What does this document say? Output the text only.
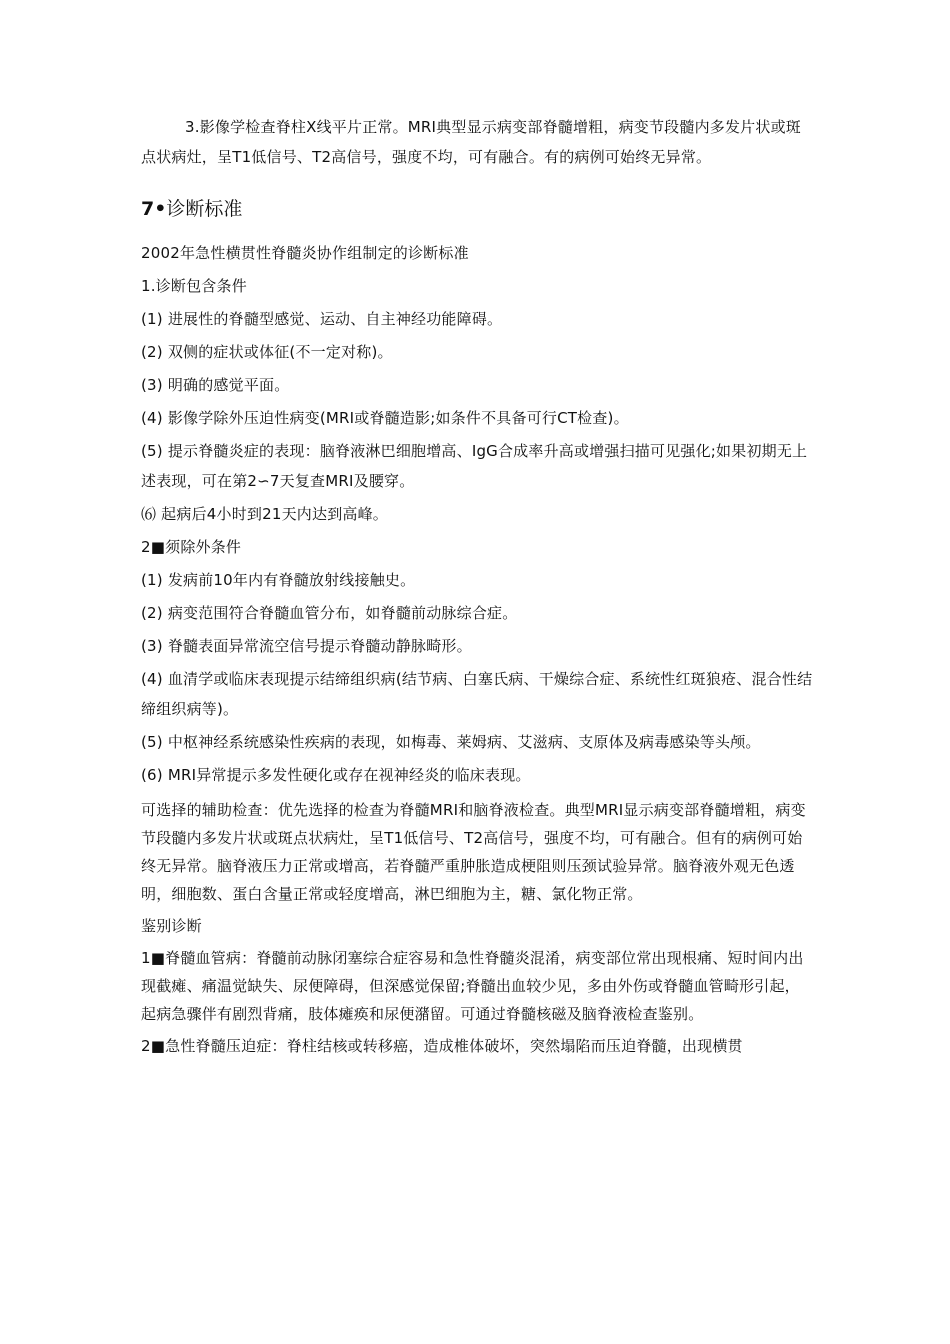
3.影像学检查脊柱X线平片正常。MRI典型显示病变部脊髓增粗，病变节段髓内多发片状或斑点状病灶，呈T1低信号、T2高信号，强度不均，可有融合。有的病例可始终无异常。

7•诊断标准

2002年急性横贯性脊髓炎协作组制定的诊断标准

1.诊断包含条件

(1) 进展性的脊髓型感觉、运动、自主神经功能障碍。

(2) 双侧的症状或体征(不一定对称)。

(3) 明确的感觉平面。

(4) 影像学除外压迫性病变(MRI或脊髓造影;如条件不具备可行CT检查)。

(5) 提示脊髓炎症的表现：脑脊液淋巴细胞增高、IgG合成率升高或增强扫描可见强化;如果初期无上述表现，可在第2∽7天复查MRI及腰穿。

⑹ 起病后4小时到21天内达到高峰。

2■须除外条件

(1) 发病前10年内有脊髓放射线接触史。

(2) 病变范围符合脊髓血管分布，如脊髓前动脉综合症。

(3) 脊髓表面异常流空信号提示脊髓动静脉畸形。

(4) 血清学或临床表现提示结缔组织病(结节病、白塞氏病、干燥综合症、系统性红斑狼疮、混合性结缔组织病等)。

(5) 中枢神经系统感染性疾病的表现，如梅毒、莱姆病、艾滋病、支原体及病毒感染等头颅。

(6) MRI异常提示多发性硬化或存在视神经炎的临床表现。

可选择的辅助检查：优先选择的检查为脊髓MRI和脑脊液检查。典型MRI显示病变部脊髓增粗，病变节段髓内多发片状或斑点状病灶，呈T1低信号、T2高信号，强度不均，可有融合。但有的病例可始终无异常。脑脊液压力正常或增高，若脊髓严重肿胀造成梗阻则压颈试验异常。脑脊液外观无色透明，细胞数、蛋白含量正常或轻度增高，淋巴细胞为主，糖、氯化物正常。

鉴别诊断

1■脊髓血管病：脊髓前动脉闭塞综合症容易和急性脊髓炎混淆，病变部位常出现根痛、短时间内出现截瘫、痛温觉缺失、尿便障碍，但深感觉保留;脊髓出血较少见，多由外伤或脊髓血管畸形引起，起病急骤伴有剧烈背痛，肢体瘫痪和尿便潴留。可通过脊髓核磁及脑脊液检查鉴别。

2■急性脊髓压迫症：脊柱结核或转移癌，造成椎体破坏，突然塌陷而压迫脊髓，出现横贯
